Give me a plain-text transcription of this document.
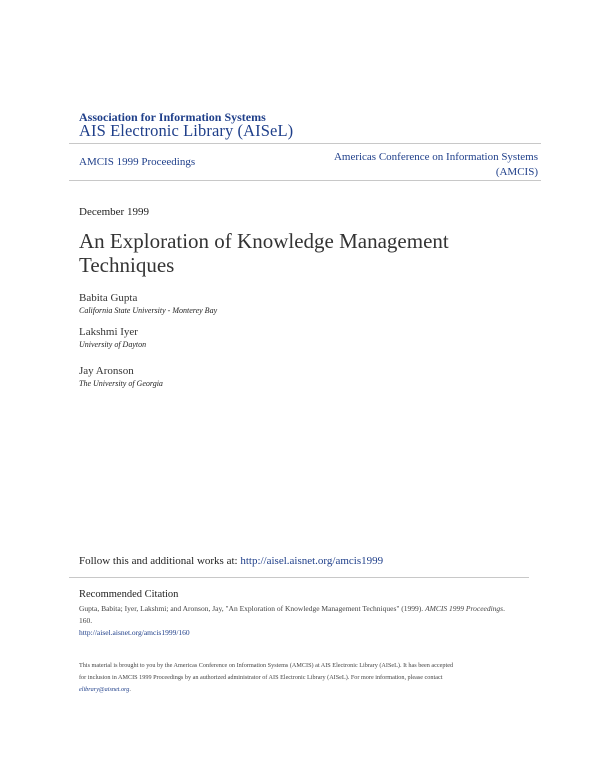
Association for Information Systems
AIS Electronic Library (AISeL)
AMCIS 1999 Proceedings	Americas Conference on Information Systems
(AMCIS)
December 1999
An Exploration of Knowledge Management
Techniques
Babita Gupta
California State University - Monterey Bay
Lakshmi Iyer
University of Dayton
Jay Aronson
The University of Georgia
Follow this and additional works at: http://aisel.aisnet.org/amcis1999
Recommended Citation
Gupta, Babita; Iyer, Lakshmi; and Aronson, Jay, "An Exploration of Knowledge Management Techniques" (1999). AMCIS 1999 Proceedings. 160.
http://aisel.aisnet.org/amcis1999/160
This material is brought to you by the Americas Conference on Information Systems (AMCIS) at AIS Electronic Library (AISeL). It has been accepted
for inclusion in AMCIS 1999 Proceedings by an authorized administrator of AIS Electronic Library (AISeL). For more information, please contact
elibrary@aisnet.org.
